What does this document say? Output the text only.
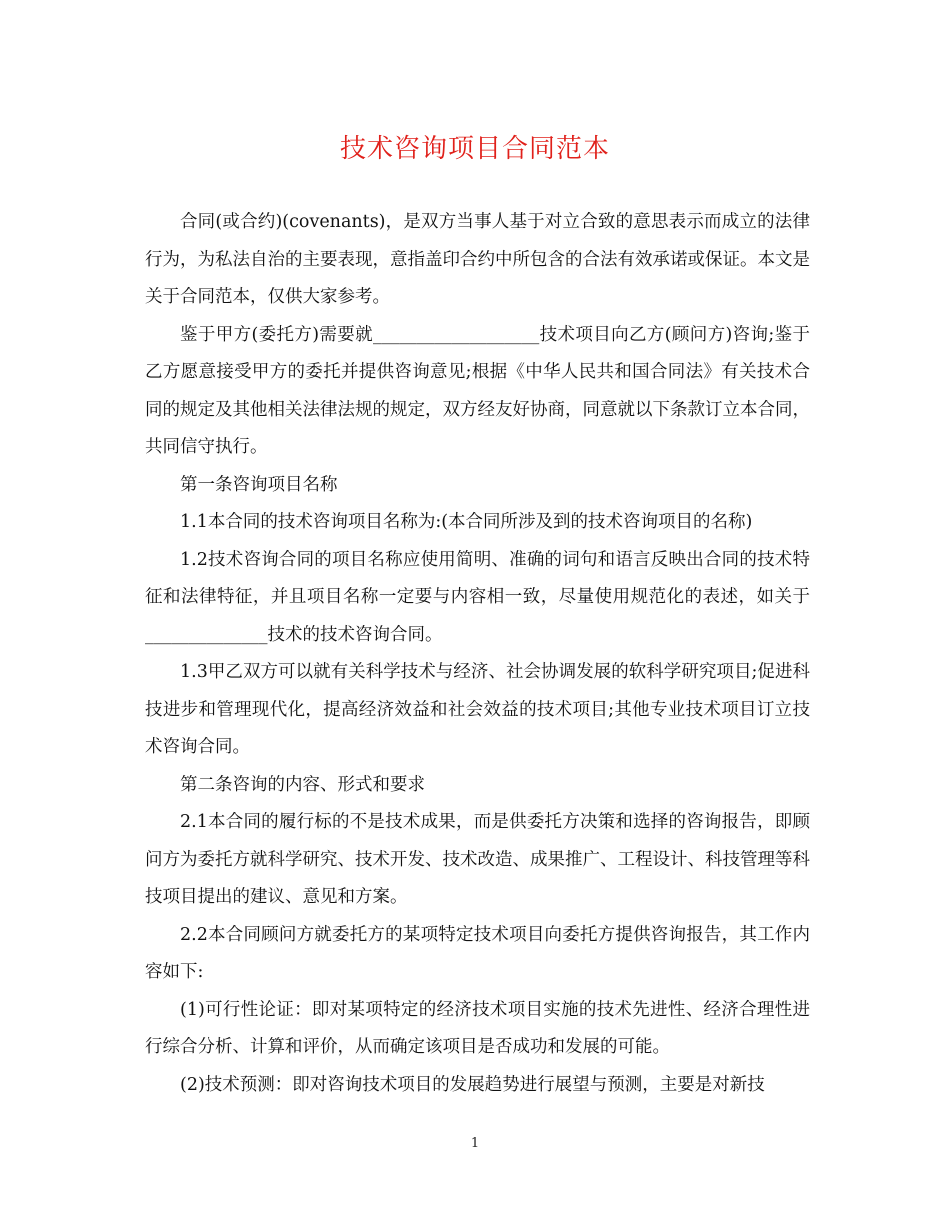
技术咨询项目合同范本

合同(或合约)(covenants)，是双方当事人基于对立合致的意思表示而成立的法律行为，为私法自治的主要表现，意指盖印合约中所包含的合法有效承诺或保证。本文是关于合同范本，仅供大家参考。

鉴于甲方(委托方)需要就___________________技术项目向乙方(顾问方)咨询;鉴于乙方愿意接受甲方的委托并提供咨询意见;根据《中华人民共和国合同法》有关技术合同的规定及其他相关法律法规的规定，双方经友好协商，同意就以下条款订立本合同，共同信守执行。

第一条咨询项目名称

1.1本合同的技术咨询项目名称为:(本合同所涉及到的技术咨询项目的名称)

1.2技术咨询合同的项目名称应使用简明、准确的词句和语言反映出合同的技术特征和法律特征，并且项目名称一定要与内容相一致，尽量使用规范化的表述，如关于______________技术的技术咨询合同。

1.3甲乙双方可以就有关科学技术与经济、社会协调发展的软科学研究项目;促进科技进步和管理现代化，提高经济效益和社会效益的技术项目;其他专业技术项目订立技术咨询合同。

第二条咨询的内容、形式和要求

2.1本合同的履行标的不是技术成果，而是供委托方决策和选择的咨询报告，即顾问方为委托方就科学研究、技术开发、技术改造、成果推广、工程设计、科技管理等科技项目提出的建议、意见和方案。

2.2本合同顾问方就委托方的某项特定技术项目向委托方提供咨询报告，其工作内容如下:

(1)可行性论证：即对某项特定的经济技术项目实施的技术先进性、经济合理性进行综合分析、计算和评价，从而确定该项目是否成功和发展的可能。

(2)技术预测：即对咨询技术项目的发展趋势进行展望与预测，主要是对新技

1
